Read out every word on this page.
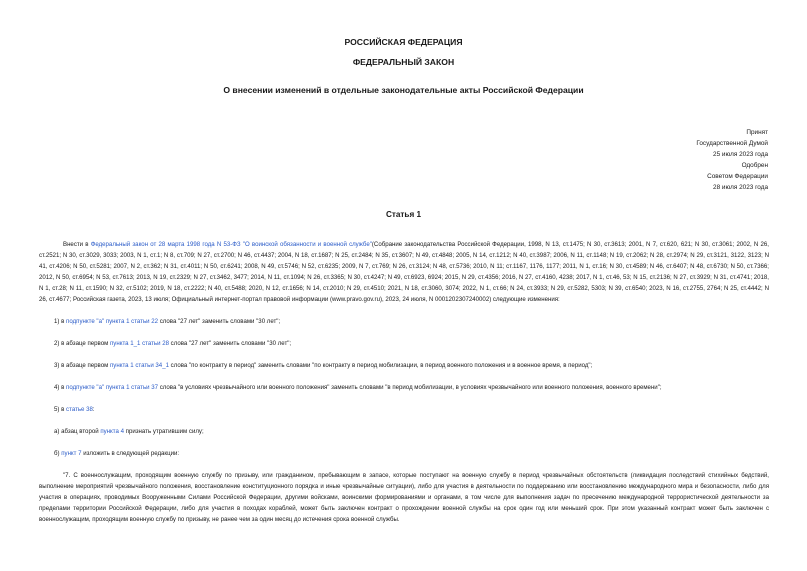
РОССИЙСКАЯ ФЕДЕРАЦИЯ
ФЕДЕРАЛЬНЫЙ ЗАКОН
О внесении изменений в отдельные законодательные акты Российской Федерации
Принят
Государственной Думой
25 июля 2023 года
Одобрен
Советом Федерации
28 июля 2023 года
Статья 1

Внести в Федеральный закон от 28 марта 1998 года N 53-ФЗ "О воинской обязанности и военной службе"(Собрание законодательства Российской Федерации, 1998, N 13, ст.1475; N 30, ст.3613; 2001, N 7, ст.620, 621; N 30, ст.3061; 2002, N 26, ст.2521; N 30, ст.3029, 3033; 2003, N 1, ст.1; N 8, ст.709; N 27, ст.2700; N 46, ст.4437; 2004, N 18, ст.1687; N 25, ст.2484; N 35, ст.3607; N 49, ст.4848; 2005, N 14, ст.1212; N 40, ст.3987; 2006, N 11, ст.1148; N 19, ст.2062; N 28, ст.2974; N 29, ст.3121, 3122, 3123; N 41, ст.4206; N 50, ст.5281; 2007, N 2, ст.362; N 31, ст.4011; N 50, ст.6241; 2008, N 49, ст.5746; N 52, ст.6235; 2009, N 7, ст.769; N 26, ст.3124; N 48, ст.5736; 2010, N 11; ст.1167, 1176, 1177; 2011, N 1, ст.16; N 30, ст.4589; N 46, ст.6407; N 48, ст.6730; N 50, ст.7366; 2012, N 50, ст.6954; N 53, ст.7613; 2013, N 19, ст.2329; N 27, ст.3462, 3477; 2014, N 11, ст.1094; N 26, ст.3365; N 30, ст.4247; N 49, ст.6923, 6924; 2015, N 29, ст.4356; 2016, N 27, ст.4160, 4238; 2017, N 1, ст.46, 53; N 15, ст.2136; N 27, ст.3929; N 31, ст.4741; 2018, N 1, ст.28; N 11, ст.1590; N 32, ст.5102; 2019, N 18, ст.2222; N 40, ст.5488; 2020, N 12, ст.1656; N 14, ст.2010; N 29, ст.4510; 2021, N 18, ст.3060, 3074; 2022, N 1, ст.66; N 24, ст.3933; N 29, ст.5282, 5303; N 39, ст.6540; 2023, N 16, ст.2755, 2764; N 25, ст.4442; N 26, ст.4677; Российская газета, 2023, 13 июля; Официальный интернет-портал правовой информации (www.pravo.gov.ru), 2023, 24 июля, N 0001202307240002) следующие изменения:

1) в подпункте "а" пункта 1 статьи 22 слова "27 лет" заменить словами "30 лет";

2) в абзаце первом пункта 1_1 статьи 28 слова "27 лет" заменить словами "30 лет";

3) в абзаце первом пункта 1 статьи 34_1 слова "по контракту в период" заменить словами "по контракту в период мобилизации, в период военного положения и в военное время, в период";

4) в подпункте "а" пункта 1 статьи 37 слова "в условиях чрезвычайного или военного положения" заменить словами "в период мобилизации, в условиях чрезвычайного или военного положения, военного времени";

5) в статье 38:

а) абзац второй пункта 4 признать утратившим силу;

б) пункт 7 изложить в следующей редакции:

"7. С военнослужащим, проходящим военную службу по призыву, или гражданином, пребывающим в запасе, которые поступают на военную службу в период чрезвычайных обстоятельств (ликвидация последствий стихийных бедствий, выполнение мероприятий чрезвычайного положения, восстановление конституционного порядка и иные чрезвычайные ситуации), либо для участия в деятельности по поддержанию или восстановлению международного мира и безопасности, либо для участия в операциях, проводимых Вооруженными Силами Российской Федерации, другими войсками, воинскими формированиями и органами, в том числе для выполнения задач по пресечению международной террористической деятельности за пределами территории Российской Федерации, либо для участия в походах кораблей, может быть заключен контракт о прохождении военной службы на срок один год или меньший срок. При этом указанный контракт может быть заключен с военнослужащим, проходящим военную службу по призыву, не ранее чем за один месяц до истечения срока военной службы.
